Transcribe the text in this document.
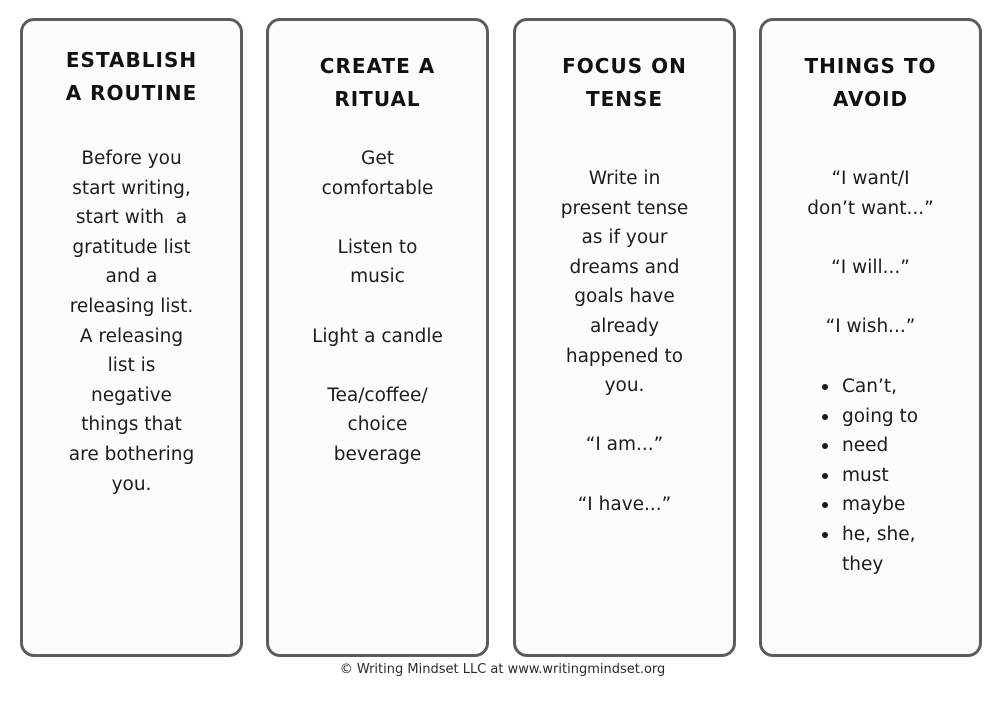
ESTABLISH
A ROUTINE
Before you
start writing,
start with  a
gratitude list
and a
releasing list.
A releasing
list is
negative
things that
are bothering
you.
CREATE A
RITUAL
Get
comfortable
Listen to
music
Light a candle
Tea/coffee/
choice
beverage
FOCUS ON
TENSE
Write in
present tense
as if your
dreams and
goals have
already
happened to
you.
“I am...”
“I have...”
THINGS TO
AVOID
“I want/I
don’t want...”
“I will...”
“I wish...”
Can’t,
going to
need
must
maybe
he, she, they
© Writing Mindset LLC at www.writingmindset.org
